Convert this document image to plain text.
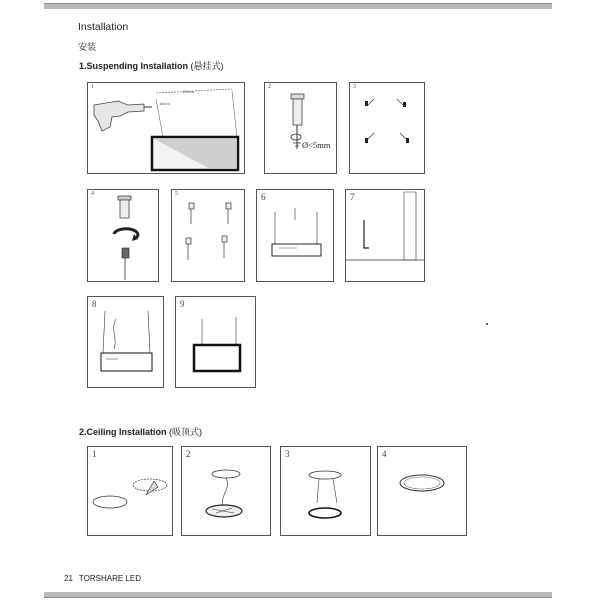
Installation
安装
1.Suspending Installation (悬挂式)
1
120cm
60cm
2
Ø<5mm
3
4	5	6	7
8	9
2.Ceiling Installation (吸顶式)
1	2	3	4
21 TORSHARE LED
